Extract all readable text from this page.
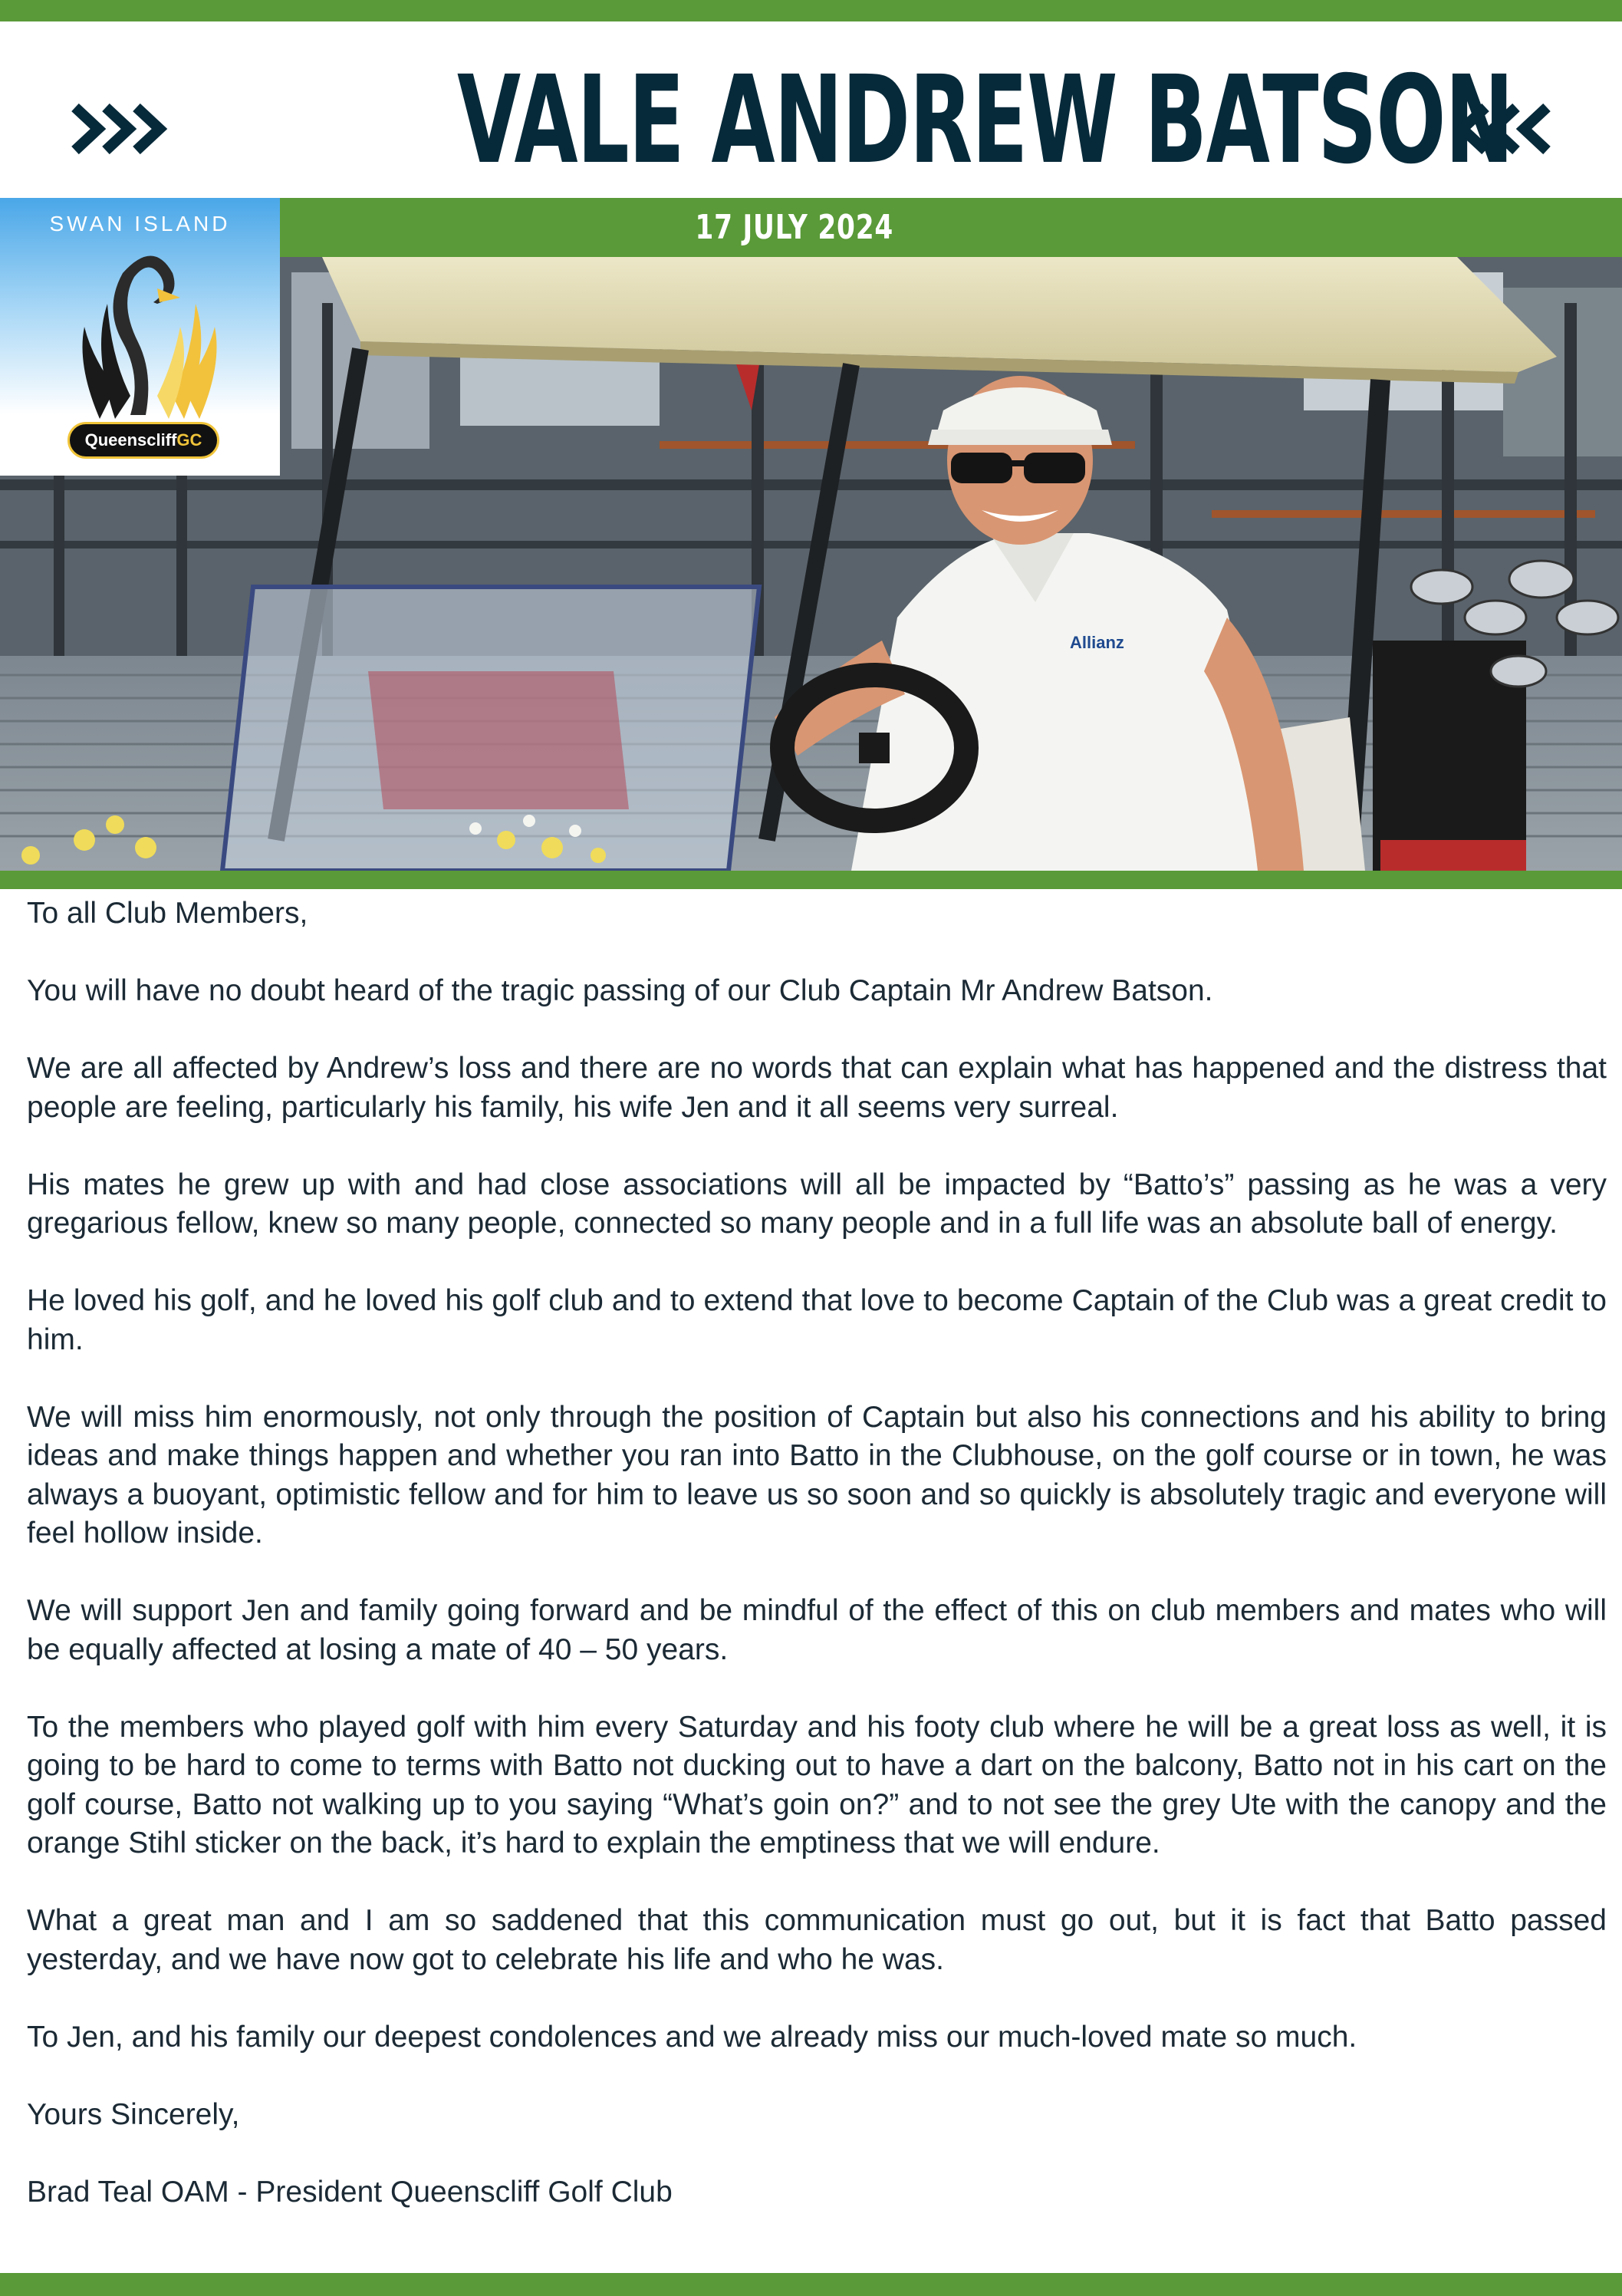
VALE ANDREW BATSON
17 JULY 2024
Allianz
SWAN ISLAND
QueenscliffGC

To all Club Members,

You will have no doubt heard of the tragic passing of our Club Captain Mr Andrew Batson.

We are all affected by Andrew’s loss and there are no words that can explain what has happened and the distress that people are feeling, particularly his family, his wife Jen and it all seems very surreal.

His mates he grew up with and had close associations will all be impacted by “Batto’s” passing as he was a very gregarious fellow, knew so many people, connected so many people and in a full life was an absolute ball of energy.

He loved his golf, and he loved his golf club and to extend that love to become Captain of the Club was a great credit to him.

We will miss him enormously, not only through the position of Captain but also his connections and his ability to bring ideas and make things happen and whether you ran into Batto in the Clubhouse, on the golf course or in town, he was always a buoyant, optimistic fellow and for him to leave us so soon and so quickly is absolutely tragic and everyone will feel hollow inside.

We will support Jen and family going forward and be mindful of the effect of this on club members and mates who will be equally affected at losing a mate of 40 – 50 years.

To the members who played golf with him every Saturday and his footy club where he will be a great loss as well, it is going to be hard to come to terms with Batto not ducking out to have a dart on the balcony, Batto not in his cart on the golf course, Batto not walking up to you saying “What’s goin on?” and to not see the grey Ute with the canopy and the orange Stihl sticker on the back, it’s hard to explain the emptiness that we will endure.

What a great man and I am so saddened that this communication must go out, but it is fact that Batto passed yesterday, and we have now got to celebrate his life and who he was.

To Jen, and his family our deepest condolences and we already miss our much-loved mate so much.

Yours Sincerely,

Brad Teal OAM - President Queenscliff Golf Club
